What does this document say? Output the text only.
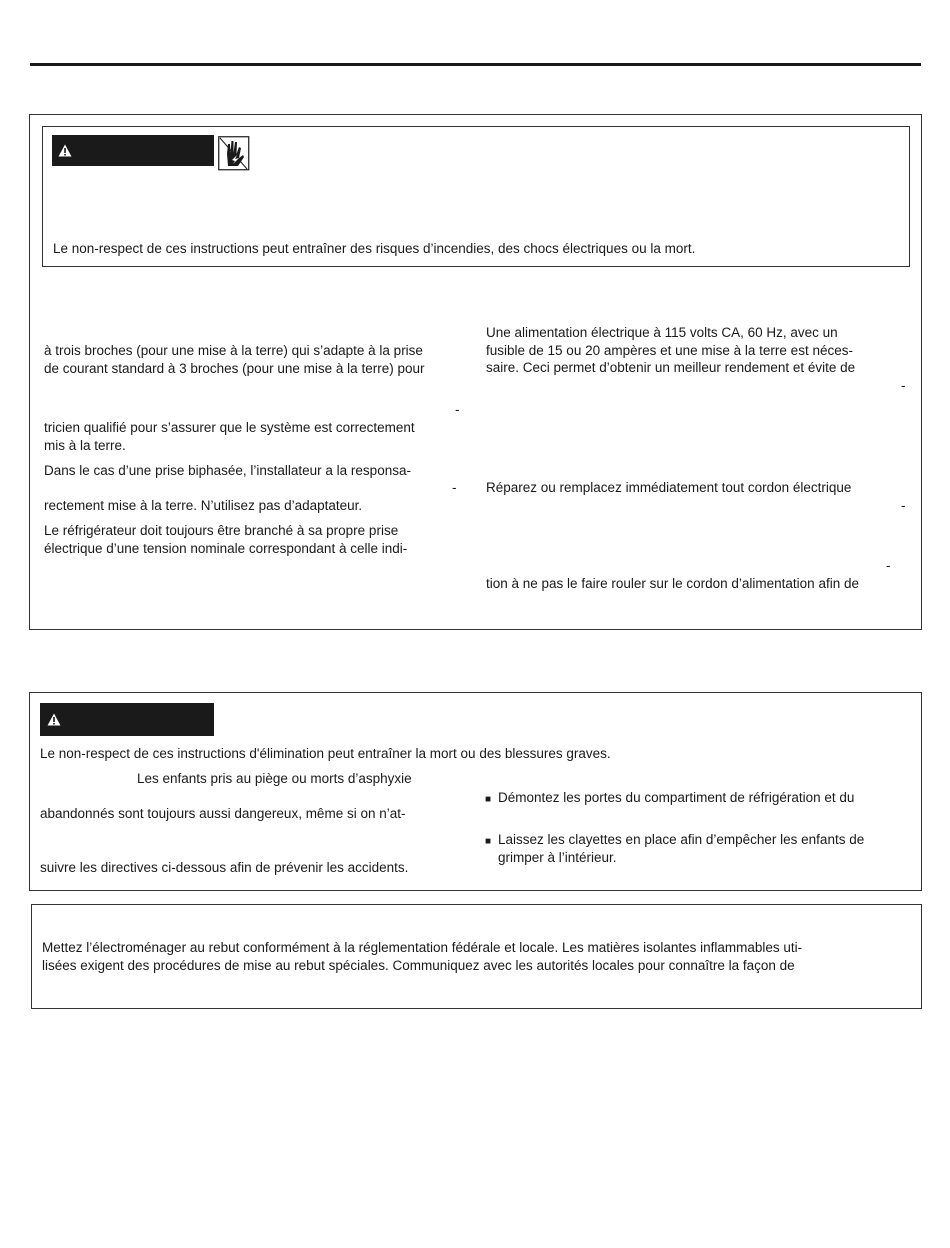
Le non-respect de ces instructions peut entraîner des risques d’incendies, des chocs électriques ou la mort.
à trois broches (pour une mise à la terre) qui s’adapte à la prise
de courant standard à 3 broches (pour une mise à la terre) pour
-
tricien qualifié pour s’assurer que le système est correctement
mis à la terre.
Dans le cas d’une prise biphasée, l’installateur a la responsa-
-
rectement mise à la terre. N’utilisez pas d’adaptateur.
Le réfrigérateur doit toujours être branché à sa propre prise
électrique d’une tension nominale correspondant à celle indi-
Une alimentation électrique à 115 volts CA, 60 Hz, avec un
fusible de 15 ou 20 ampères et une mise à la terre est néces-
saire. Ceci permet d’obtenir un meilleur rendement et évite de
-
Réparez ou remplacez immédiatement tout cordon électrique
-
-
tion à ne pas le faire rouler sur le cordon d’alimentation afin de
Le non-respect de ces instructions d'élimination peut entraîner la mort ou des blessures graves.
Les enfants pris au piège ou morts d’asphyxie
abandonnés sont toujours aussi dangereux, même si on n’at-
suivre les directives ci-dessous afin de prévenir les accidents.
■ Démontez les portes du compartiment de réfrigération et du
■ Laissez les clayettes en place afin d’empêcher les enfants de
grimper à l’intérieur.
Mettez l’électroménager au rebut conformément à la réglementation fédérale et locale. Les matières isolantes inflammables uti-
lisées exigent des procédures de mise au rebut spéciales. Communiquez avec les autorités locales pour connaître la façon de
